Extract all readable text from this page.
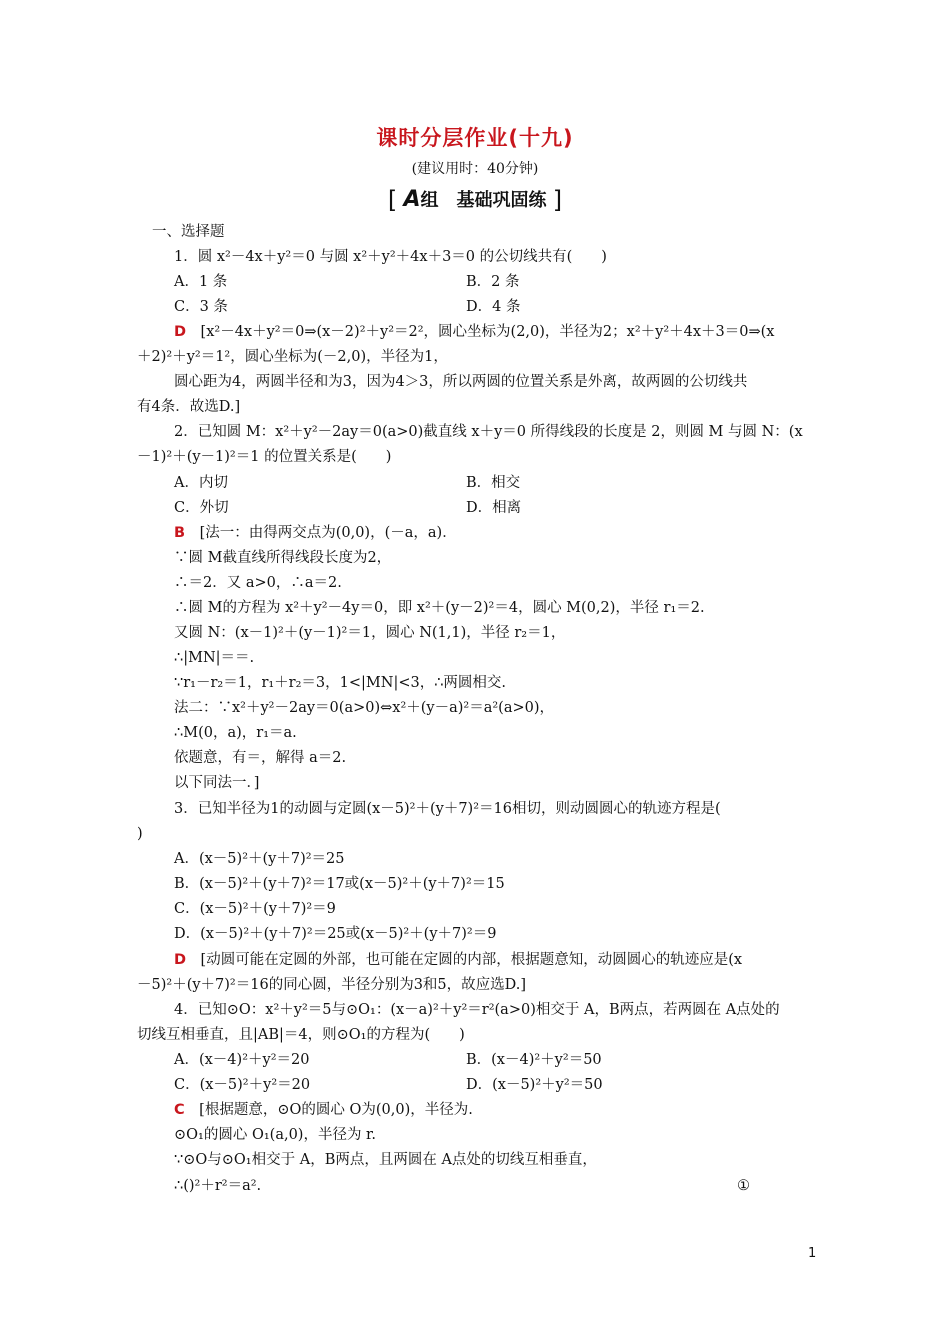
课时分层作业(十九)
(建议用时：40分钟)
[ A组　基础巩固练 ]
一、选择题
1．圆 x²－4x＋y²＝0 与圆 x²＋y²＋4x＋3＝0 的公切线共有(　　)
A．1 条	B．2 条
C．3 条	D．4 条
D　 [x²－4x＋y²＝0⇒(x－2)²＋y²＝2²，圆心坐标为(2,0)，半径为2；x²＋y²＋4x＋3＝0⇒(x
＋2)²＋y²＝1²，圆心坐标为(－2,0)，半径为1，
圆心距为4，两圆半径和为3，因为4＞3，所以两圆的位置关系是外离，故两圆的公切线共
有4条．故选D.]
2．已知圆 M：x²＋y²－2ay＝0(a>0)截直线 x＋y＝0 所得线段的长度是 2，则圆 M 与圆 N：(x
－1)²＋(y－1)²＝1 的位置关系是(　　)
A．内切	B．相交
C．外切	D．相离
B　 [法一：由得两交点为(0,0)，(－a，a)．
∵圆 M截直线所得线段长度为2，
∴＝2．又 a>0，∴a＝2.
∴圆 M的方程为 x²＋y²－4y＝0，即 x²＋(y－2)²＝4，圆心 M(0,2)，半径 r₁＝2.
又圆 N：(x－1)²＋(y－1)²＝1，圆心 N(1,1)，半径 r₂＝1，
∴|MN|＝＝.
∵r₁－r₂＝1，r₁＋r₂＝3，1<|MN|<3，∴两圆相交.
法二：∵x²＋y²－2ay＝0(a>0)⇔x²＋(y－a)²＝a²(a>0)，
∴M(0，a)，r₁＝a.
依题意，有＝，解得 a＝2.
以下同法一．]
3．已知半径为1的动圆与定圆(x－5)²＋(y＋7)²＝16相切，则动圆圆心的轨迹方程是(
)
A．(x－5)²＋(y＋7)²＝25
B．(x－5)²＋(y＋7)²＝17或(x－5)²＋(y＋7)²＝15
C．(x－5)²＋(y＋7)²＝9
D．(x－5)²＋(y＋7)²＝25或(x－5)²＋(y＋7)²＝9
D　 [动圆可能在定圆的外部，也可能在定圆的内部，根据题意知，动圆圆心的轨迹应是(x
－5)²＋(y＋7)²＝16的同心圆，半径分别为3和5，故应选D.]
4．已知⊙O：x²＋y²＝5与⊙O₁：(x－a)²＋y²＝r²(a>0)相交于 A，B两点，若两圆在 A点处的
切线互相垂直，且|AB|＝4，则⊙O₁的方程为(　　)
A．(x－4)²＋y²＝20	B．(x－4)²＋y²＝50
C．(x－5)²＋y²＝20	D．(x－5)²＋y²＝50
C　 [根据题意，⊙O的圆心 O为(0,0)，半径为.
⊙O₁的圆心 O₁(a,0)，半径为 r.
∵⊙O与⊙O₁相交于 A，B两点，且两圆在 A点处的切线互相垂直，
∴()²＋r²＝a².	①
1
